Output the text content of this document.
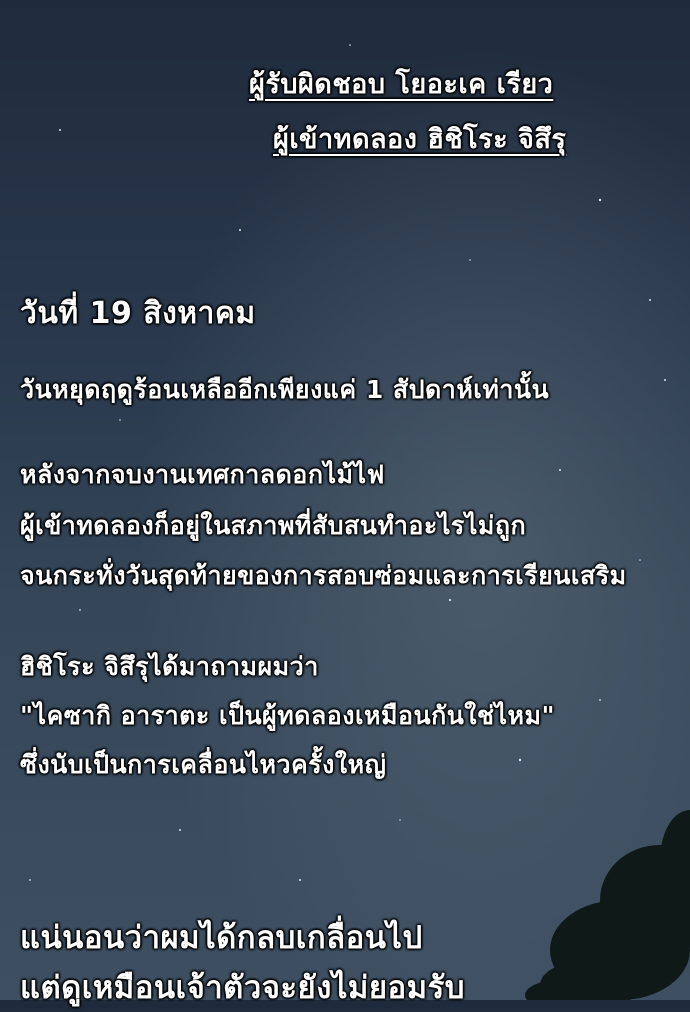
ผู้รับผิดชอบ โยอะเค เรียว
ผู้เข้าทดลอง ฮิชิโระ จิสึรุ
วันที่ 19 สิงหาคม
วันหยุดฤดูร้อนเหลืออีกเพียงแค่ 1 สัปดาห์เท่านั้น
หลังจากจบงานเทศกาลดอกไม้ไฟ
ผู้เข้าทดลองก็อยู่ในสภาพที่สับสนทำอะไรไม่ถูก
จนกระทั่งวันสุดท้ายของการสอบซ่อมและการเรียนเสริม
ฮิชิโระ จิสึรุได้มาถามผมว่า
"ไคซากิ อาราตะ เป็นผู้ทดลองเหมือนกันใช่ไหม"
ซึ่งนับเป็นการเคลื่อนไหวครั้งใหญ่
แน่นอนว่าผมได้กลบเกลื่อนไป
แต่ดูเหมือนเจ้าตัวจะยังไม่ยอมรับ
